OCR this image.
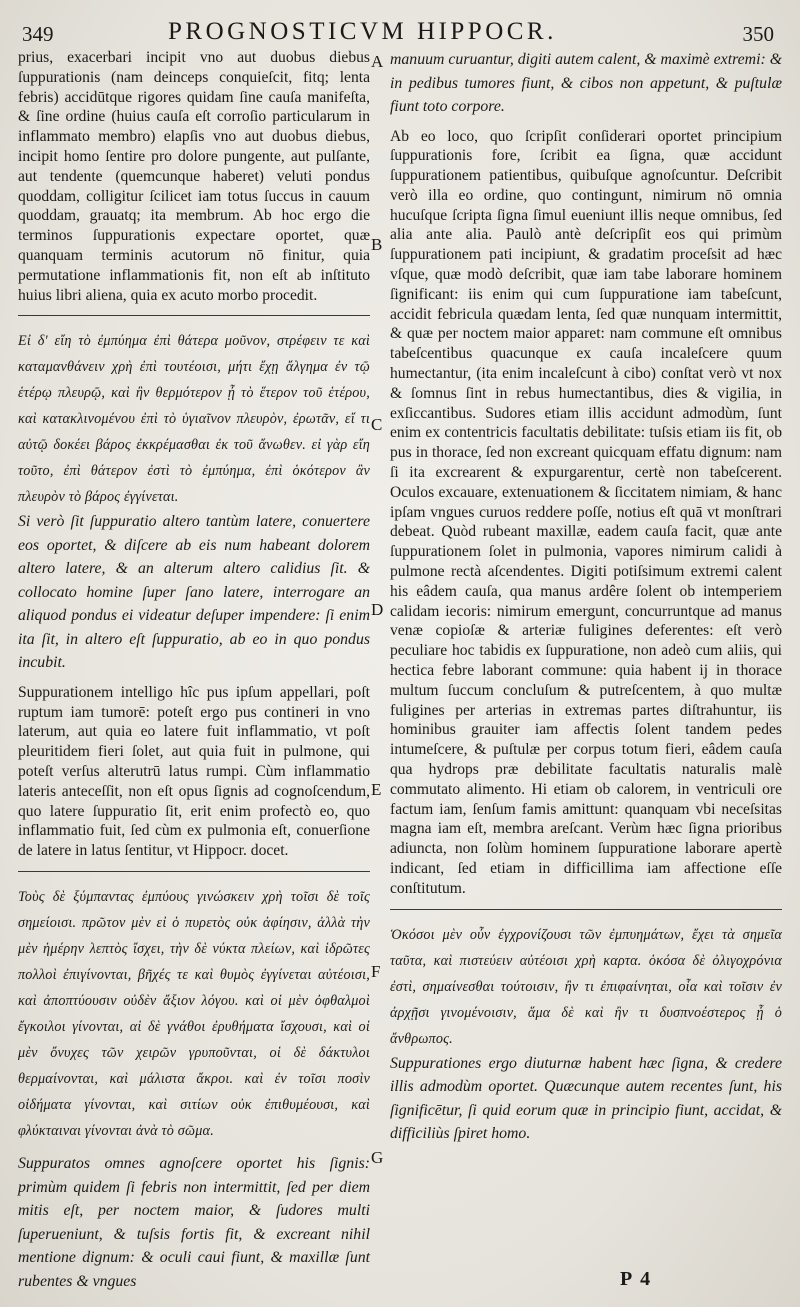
349	PROGNOSTICVM HIPPOCR.	350

prius, exacerbari incipit vno aut duobus diebus ſuppurationis (nam deinceps conquieſcit, fitq; lenta febris) accidūtque rigores quidam ſine cauſa manifeſta, & ſine ordine (huius cauſa eſt corroſio particularum in inflammato membro) elapſis vno aut duobus diebus, incipit homo ſentire pro dolore pungente, aut pulſante, aut tendente (quemcunque haberet) veluti pondus quoddam, colligitur ſcilicet iam totus ſuccus in cauum quoddam, grauatq; ita membrum. Ab hoc ergo die terminos ſuppurationis expectare oportet, quæ quanquam terminis acutorum nō finitur, quia permutatione inflammationis fit, non eſt ab inſtituto huius libri aliena, quia ex acuto morbo procedit.

Εἰ δ' εἴη τὸ ἐμπύημα ἐπὶ θάτερα μοῦνον, στρέφειν τε καὶ καταμανθάνειν χρὴ ἐπὶ τουτέοισι, μήτι ἔχῃ ἄλγημα ἐν τῷ ἑτέρῳ πλευρῷ, καὶ ἢν θερμότερον ᾖ τὸ ἕτερον τοῦ ἑτέρου, καὶ κατακλινομένου ἐπὶ τὸ ὑγιαῖνον πλευρὸν, ἐρωτᾶν, εἴ τι αὐτῷ δοκέει βάρος ἐκκρέμασθαι ἐκ τοῦ ἄνωθεν. εἰ γὰρ εἴη τοῦτο, ἐπὶ θάτερον ἐστὶ τὸ ἐμπύημα, ἐπὶ ὁκότερον ἂν πλευρὸν τὸ βάρος ἐγγίνεται.

Si verò ſit ſuppuratio altero tantùm latere, conuertere eos oportet, & diſcere ab eis num habeant dolorem altero latere, & an alterum altero calidius ſit. & collocato homine ſuper ſano latere, interrogare an aliquod pondus ei videatur deſuper impendere: ſi enim ita ſit, in altero eſt ſuppuratio, ab eo in quo pondus incubit.

Suppurationem intelligo hîc pus ipſum appellari, poſt ruptum iam tumorē: poteſt ergo pus contineri in vno laterum, aut quia eo latere fuit inflammatio, vt poſt pleuritidem fieri ſolet, aut quia fuit in pulmone, qui poteſt verſus alterutrū latus rumpi. Cùm inflammatio lateris anteceſſit, non eſt opus ſignis ad cognoſcendum, quo latere ſuppuratio ſit, erit enim profectò eo, quo inflammatio fuit, ſed cùm ex pulmonia eſt, conuerſione de latere in latus ſentitur, vt Hippocr. docet.

Τοὺς δὲ ξύμπαντας ἐμπύους γινώσκειν χρὴ τοῖσι δὲ τοῖς σημείοισι. πρῶτον μὲν εἰ ὁ πυρετὸς οὐκ ἀφίησιν, ἀλλὰ τὴν μὲν ἡμέρην λεπτὸς ἴσχει, τὴν δὲ νύκτα πλείων, καὶ ἱδρῶτες πολλοὶ ἐπιγίνονται, βῆχές τε καὶ θυμὸς ἐγγίνεται αὐτέοισι, καὶ ἀποπτύουσιν οὐδὲν ἄξιον λόγου. καὶ οἱ μὲν ὀφθαλμοὶ ἔγκοιλοι γίνονται, αἱ δὲ γνάθοι ἐρυθήματα ἴσχουσι, καὶ οἱ μὲν ὄνυχες τῶν χειρῶν γρυποῦνται, οἱ δὲ δάκτυλοι θερμαίνονται, καὶ μάλιστα ἄκροι. καὶ ἐν τοῖσι ποσὶν οἰδήματα γίνονται, καὶ σιτίων οὐκ ἐπιθυμέουσι, καὶ φλύκταιναι γίνονται ἀνὰ τὸ σῶμα.

Suppuratos omnes agnoſcere oportet his ſignis: primùm quidem ſi febris non intermittit, ſed per diem mitis eſt, per noctem maior, & ſudores multi ſuperueniunt, & tuſsis fortis fit, & excreant nihil mentione dignum: & oculi caui fiunt, & maxillæ ſunt rubentes & vngues

manuum curuantur, digiti autem calent, & maximè extremi: & in pedibus tumores fiunt, & cibos non appetunt, & puſtulæ fiunt toto corpore.

Ab eo loco, quo ſcripſit conſiderari oportet principium ſuppurationis fore, ſcribit ea ſigna, quæ accidunt ſuppurationem patientibus, quibuſque agnoſcuntur. Deſcribit verò illa eo ordine, quo contingunt, nimirum nō omnia hucuſque ſcripta ſigna ſimul eueniunt illis neque omnibus, ſed alia ante alia. Paulò antè deſcripſit eos qui primùm ſuppurationem pati incipiunt, & gradatim proceſsit ad hæc vſque, quæ modò deſcribit, quæ iam tabe laborare hominem ſignificant: iis enim qui cum ſuppuratione iam tabeſcunt, accidit febricula quædam lenta, ſed quæ nunquam intermittit, & quæ per noctem maior apparet: nam commune eſt omnibus tabeſcentibus quacunque ex cauſa incaleſcere quum humectantur, (ita enim incaleſcunt à cibo) conſtat verò vt nox & ſomnus ſint in rebus humectantibus, dies & vigilia, in exſiccantibus. Sudores etiam illis accidunt admodùm, ſunt enim ex contentricis facultatis debilitate: tuſsis etiam iis fit, ob pus in thorace, ſed non excreant quicquam effatu dignum: nam ſi ita excrearent & expurgarentur, certè non tabeſcerent. Oculos excauare, extenuationem & ſiccitatem nimiam, & hanc ipſam vngues curuos reddere poſſe, notius eſt quā vt monſtrari debeat. Quòd rubeant maxillæ, eadem cauſa facit, quæ ante ſuppurationem ſolet in pulmonia, vapores nimirum calidi à pulmone rectà aſcendentes. Digiti potiſsimum extremi calent his eâdem cauſa, qua manus ardêre ſolent ob intemperiem calidam iecoris: nimirum emergunt, concurruntque ad manus venæ copioſæ & arteriæ fuligines deferentes: eſt verò peculiare hoc tabidis ex ſuppuratione, non adeò cum aliis, qui hectica febre laborant commune: quia habent ij in thorace multum ſuccum concluſum & putreſcentem, à quo multæ fuligines per arterias in extremas partes diſtrahuntur, iis hominibus grauiter iam affectis ſolent tandem pedes intumeſcere, & puſtulæ per corpus totum fieri, eâdem cauſa qua hydrops præ debilitate facultatis naturalis malè commutato alimento. Hi etiam ob calorem, in ventriculi ore factum iam, ſenſum famis amittunt: quanquam vbi neceſsitas magna iam eſt, membra areſcant. Verùm hæc ſigna prioribus adiuncta, non ſolùm hominem ſuppuratione laborare apertè indicant, ſed etiam in difficillima iam affectione eſſe conſtitutum.

Ὁκόσοι μὲν οὖν ἐγχρονίζουσι τῶν ἐμπυημάτων, ἔχει τὰ σημεῖα ταῦτα, καὶ πιστεύειν αὐτέοισι χρὴ καρτα. ὁκόσα δὲ ὀλιγοχρόνια ἐστὶ, σημαίνεσθαι τούτοισιν, ἢν τι ἐπιφαίνηται, οἷα καὶ τοῖσιν ἐν ἀρχῇσι γινομένοισιν, ἅμα δὲ καὶ ἢν τι δυσπνοέστερος ᾖ ὁ ἄνθρωπος.

Suppurationes ergo diuturnæ habent hæc ſigna, & credere illis admodùm oportet. Quæcunque autem recentes ſunt, his ſignificētur, ſi quid eorum quæ in principio fiunt, accidat, & difficiliùs ſpiret homo.

A
B
C
D
E
F
G
P 4
